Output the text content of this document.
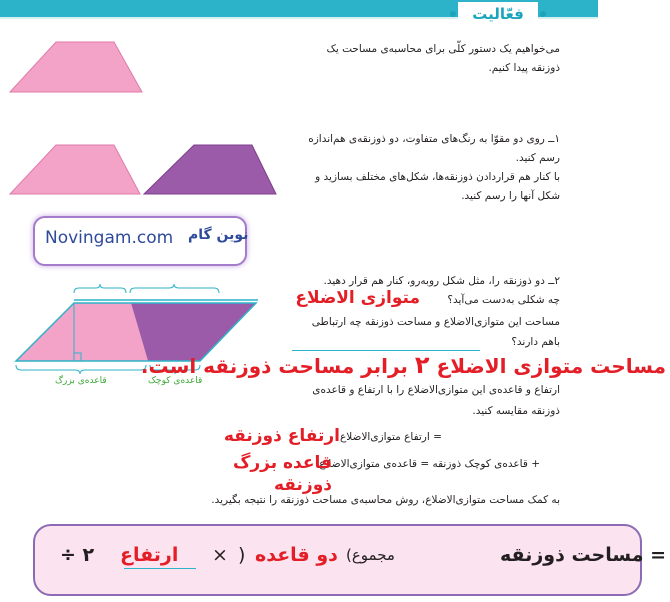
فعّالیت
می‌خواهیم یک دستور کلّی برای محاسبه‌ی مساحت یک
ذوزنقه پیدا کنیم.
۱ــ روی دو مقوّا به رنگ‌های متفاوت، دو ذوزنقه‌ی هم‌اندازه
رسم کنید.
با کنار هم قراردادن ذوزنقه‌ها، شکل‌های مختلف بسازید و
شکل آنها را رسم کنید.
نوین گام
Novingam.com
قاعده‌ی بزرگ	قاعده‌ی کوچک
۲ــ دو ذوزنقه را، مثل شکل روبه‌رو، کنار هم قرار دهید.
چه شکلی به‌دست می‌آید؟
متوازی الاضلاع
مساحت این متوازی‌الاضلاع و مساحت ذوزنقه چه ارتباطی
باهم دارند؟
مساحت متوازی الاضلاع ۲ برابر مساحت ذوزنقه است.
ارتفاع و قاعده‌ی این متوازی‌الاضلاع را با ارتفاع و قاعده‌ی
ذوزنقه مقایسه کنید.
= ارتفاع متوازی‌الاضلاع
ارتفاع ذوزنقه
+ قاعده‌ی کوچک ذوزنقه = قاعده‌ی متوازی‌الاضلاع
قاعده بزرگ ذوزنقه
به کمک مساحت متوازی‌الاضلاع، روش محاسبه‌ی مساحت ذوزنقه را نتیجه بگیرید.
مساحت ذوزنقه =
(مجموع
دو قاعده
)
×
ارتفاع
÷ ۲
